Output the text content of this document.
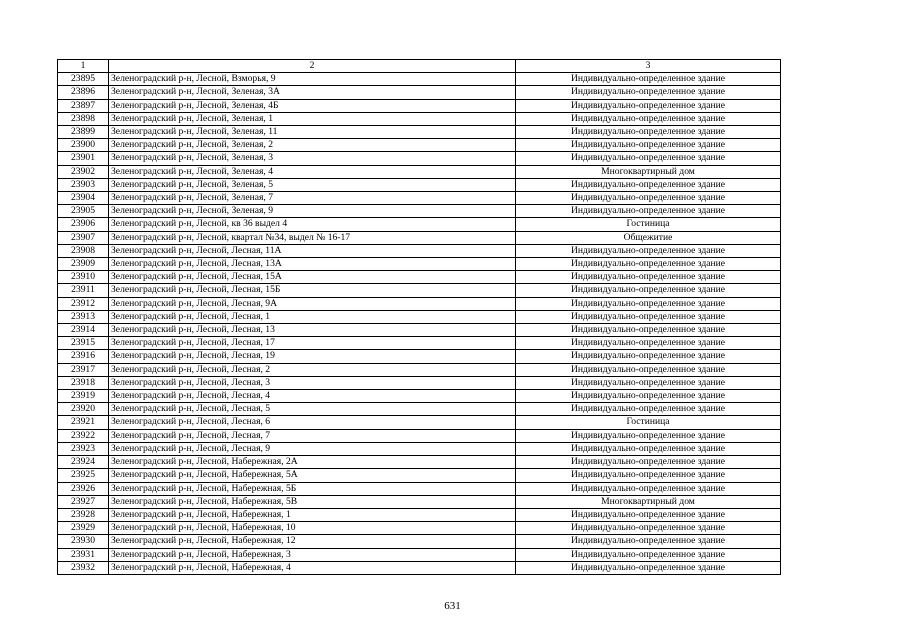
1	2	3
23895	Зеленоградский р-н, Лесной, Взморья, 9	Индивидуально-определенное здание
23896	Зеленоградский р-н, Лесной, Зеленая, 3А	Индивидуально-определенное здание
23897	Зеленоградский р-н, Лесной, Зеленая, 4Б	Индивидуально-определенное здание
23898	Зеленоградский р-н, Лесной, Зеленая, 1	Индивидуально-определенное здание
23899	Зеленоградский р-н, Лесной, Зеленая, 11	Индивидуально-определенное здание
23900	Зеленоградский р-н, Лесной, Зеленая, 2	Индивидуально-определенное здание
23901	Зеленоградский р-н, Лесной, Зеленая, 3	Индивидуально-определенное здание
23902	Зеленоградский р-н, Лесной, Зеленая, 4	Многоквартирный дом
23903	Зеленоградский р-н, Лесной, Зеленая, 5	Индивидуально-определенное здание
23904	Зеленоградский р-н, Лесной, Зеленая, 7	Индивидуально-определенное здание
23905	Зеленоградский р-н, Лесной, Зеленая, 9	Индивидуально-определенное здание
23906	Зеленоградский р-н, Лесной, кв 36 выдел 4	Гостиница
23907	Зеленоградский р-н, Лесной, квартал №34, выдел № 16-17	Общежитие
23908	Зеленоградский р-н, Лесной, Лесная, 11А	Индивидуально-определенное здание
23909	Зеленоградский р-н, Лесной, Лесная, 13А	Индивидуально-определенное здание
23910	Зеленоградский р-н, Лесной, Лесная, 15А	Индивидуально-определенное здание
23911	Зеленоградский р-н, Лесной, Лесная, 15Б	Индивидуально-определенное здание
23912	Зеленоградский р-н, Лесной, Лесная, 9А	Индивидуально-определенное здание
23913	Зеленоградский р-н, Лесной, Лесная, 1	Индивидуально-определенное здание
23914	Зеленоградский р-н, Лесной, Лесная, 13	Индивидуально-определенное здание
23915	Зеленоградский р-н, Лесной, Лесная, 17	Индивидуально-определенное здание
23916	Зеленоградский р-н, Лесной, Лесная, 19	Индивидуально-определенное здание
23917	Зеленоградский р-н, Лесной, Лесная, 2	Индивидуально-определенное здание
23918	Зеленоградский р-н, Лесной, Лесная, 3	Индивидуально-определенное здание
23919	Зеленоградский р-н, Лесной, Лесная, 4	Индивидуально-определенное здание
23920	Зеленоградский р-н, Лесной, Лесная, 5	Индивидуально-определенное здание
23921	Зеленоградский р-н, Лесной, Лесная, 6	Гостиница
23922	Зеленоградский р-н, Лесной, Лесная, 7	Индивидуально-определенное здание
23923	Зеленоградский р-н, Лесной, Лесная, 9	Индивидуально-определенное здание
23924	Зеленоградский р-н, Лесной, Набережная, 2А	Индивидуально-определенное здание
23925	Зеленоградский р-н, Лесной, Набережная, 5А	Индивидуально-определенное здание
23926	Зеленоградский р-н, Лесной, Набережная, 5Б	Индивидуально-определенное здание
23927	Зеленоградский р-н, Лесной, Набережная, 5В	Многоквартирный дом
23928	Зеленоградский р-н, Лесной, Набережная, 1	Индивидуально-определенное здание
23929	Зеленоградский р-н, Лесной, Набережная, 10	Индивидуально-определенное здание
23930	Зеленоградский р-н, Лесной, Набережная, 12	Индивидуально-определенное здание
23931	Зеленоградский р-н, Лесной, Набережная, 3	Индивидуально-определенное здание
23932	Зеленоградский р-н, Лесной, Набережная, 4	Индивидуально-определенное здание
631
